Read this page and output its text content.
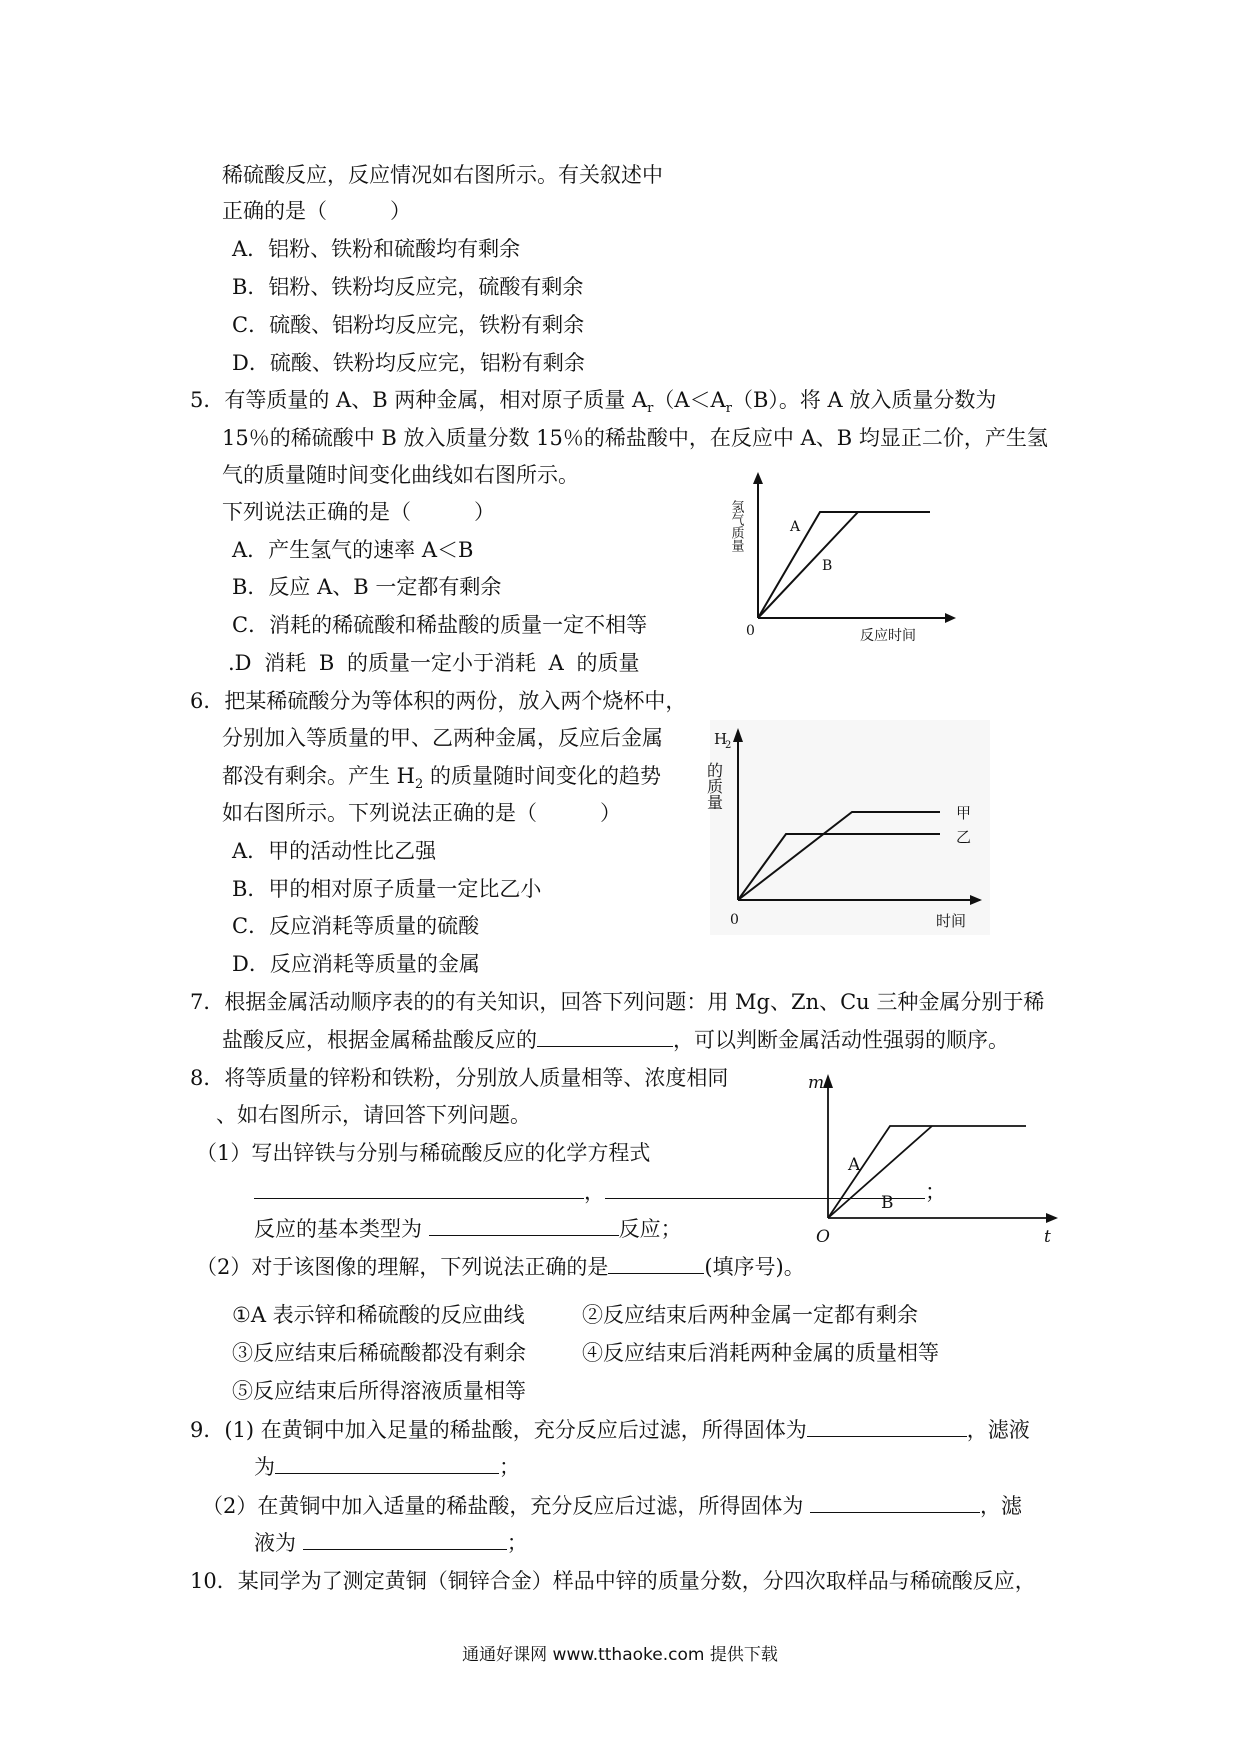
稀硫酸反应，反应情况如右图所示。有关叙述中
正确的是（　　　）
A．铝粉、铁粉和硫酸均有剩余
B．铝粉、铁粉均反应完，硫酸有剩余
C．硫酸、铝粉均反应完，铁粉有剩余
D．硫酸、铁粉均反应完，铝粉有剩余
5．有等质量的 A、B 两种金属，相对原子质量 $A_r(A<A_r(B)$。将 A 放入质量分数为
15％的稀硫酸中 B 放入质量分数 15％的稀盐酸中，在反应中 A、B 均显正二价，产生氢
气的质量随时间变化曲线如右图所示。
下列说法正确的是（　　　）
A．产生氢气的速率 A＜B
B．反应 A、B 一定都有剩余
C．消耗的稀硫酸和稀盐酸的质量一定不相等
.D 消耗 B 的质量一定小于消耗 A 的质量
氢气质量	A
B
0	反应时间
6．把某稀硫酸分为等体积的两份，放入两个烧杯中，
分别加入等质量的甲、乙两种金属，反应后金属
都没有剩余。产生 $H_2$ 的质量随时间变化的趋势
如右图所示。下列说法正确的是（　　　）
A．甲的活动性比乙强
B．甲的相对原子质量一定比乙小
C．反应消耗等质量的硫酸
D．反应消耗等质量的金属
H
2
的质量
甲
乙
0	时间
7．根据金属活动顺序表的的有关知识，回答下列问题：用 Mg、Zn、Cu 三种金属分别于稀
盐酸反应，根据金属稀盐酸反应的	，可以判断金属活动性强弱的顺序。
8．将等质量的锌粉和铁粉，分别放人质量相等、浓度相同
、如右图所示，请回答下列问题。
（1）写出锌铁与分别与稀硫酸反应的化学方程式
，	；
反应的基本类型为	反应；
（2）对于该图像的理解，下列说法正确的是	(填序号)。
①A 表示锌和稀硫酸的反应曲线	②反应结束后两种金属一定都有剩余
③反应结束后稀硫酸都没有剩余	④反应结束后消耗两种金属的质量相等
⑤反应结束后所得溶液质量相等
m
A
B
O	t
9．(1) 在黄铜中加入足量的稀盐酸，充分反应后过滤，所得固体为	，滤液
为	；
（2）在黄铜中加入适量的稀盐酸，充分反应后过滤，所得固体为	，滤
液为	；
10．某同学为了测定黄铜（铜锌合金）样品中锌的质量分数，分四次取样品与稀硫酸反应，
通通好课网 www.tthaoke.com 提供下载
